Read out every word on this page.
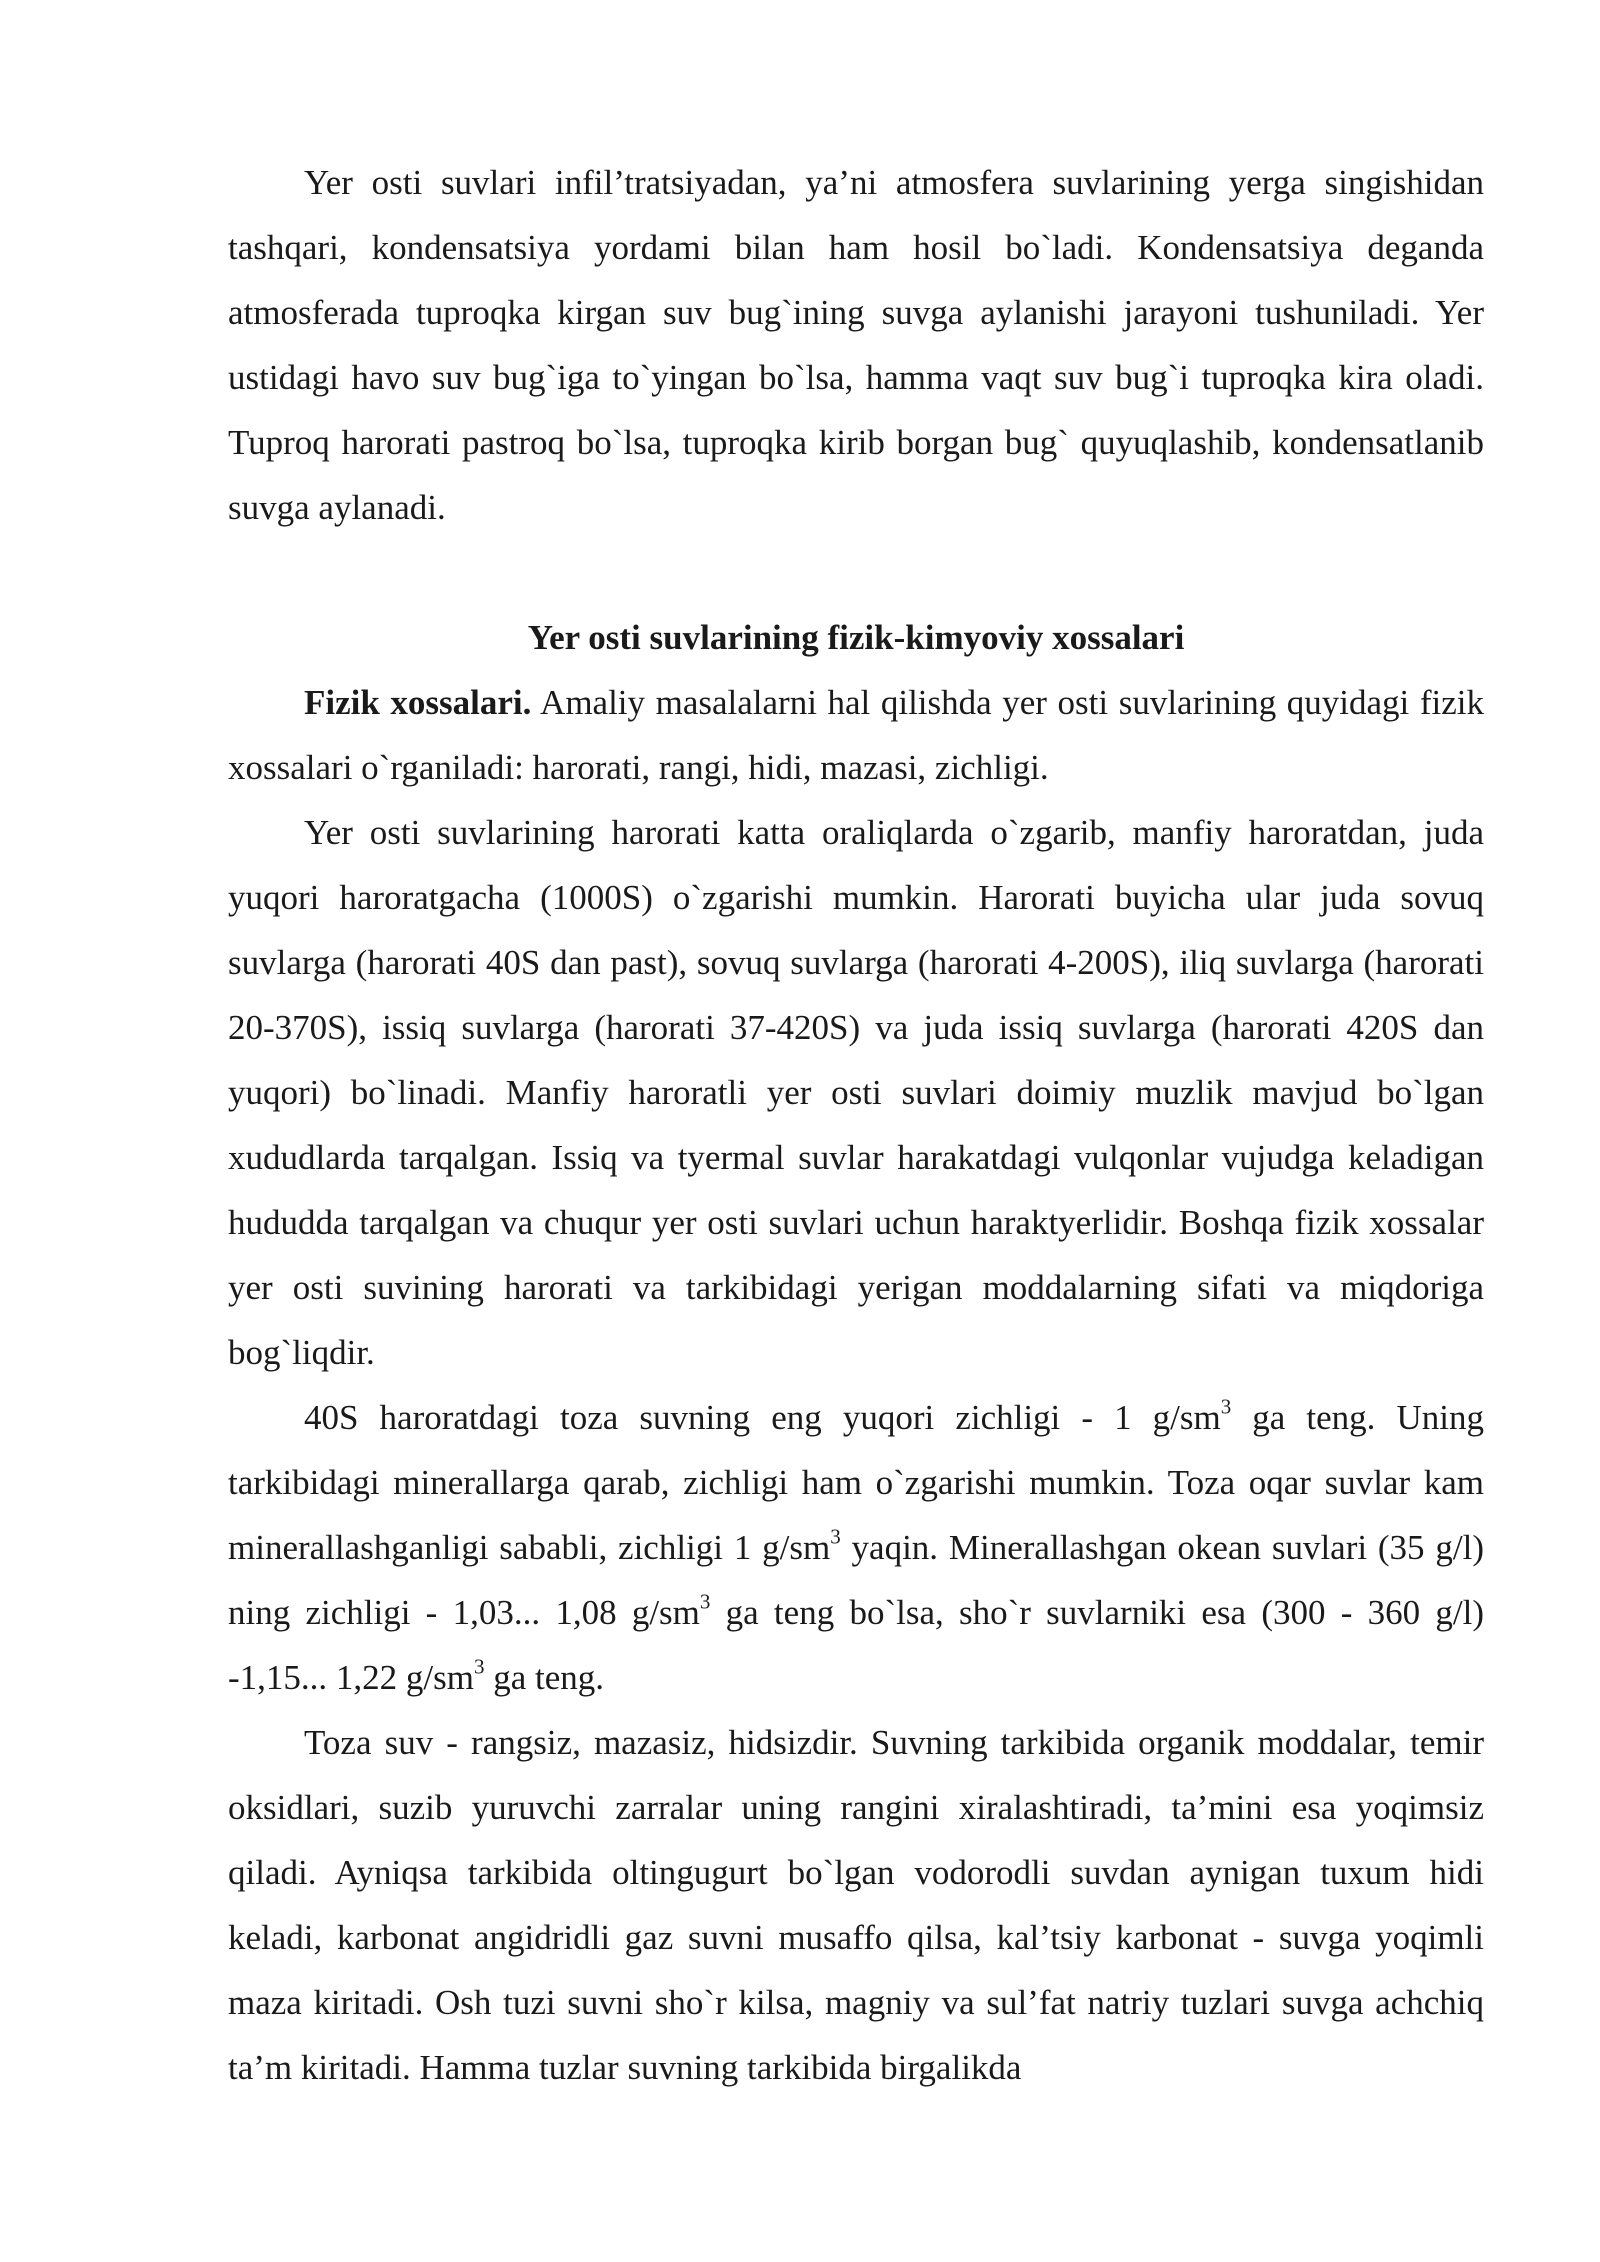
Yer osti suvlari infil’tratsiyadan, ya’ni atmosfera suvlarining yerga singishidan tashqari, kondensatsiya yordami bilan ham hosil bo`ladi. Kondensatsiya deganda atmosferada tuproqka kirgan suv bug`ining suvga aylanishi jarayoni tushuniladi. Yer ustidagi havo suv bug`iga to`yingan bo`lsa, hamma vaqt suv bug`i tuproqka kira oladi. Tuproq harorati pastroq bo`lsa, tuproqka kirib borgan bug` quyuqlashib, kondensatlanib suvga aylanadi.

Yer osti suvlarining fizik-kimyoviy xossalari

Fizik xossalari. Amaliy masalalarni hal qilishda yer osti suvlarining quyidagi fizik xossalari o`rganiladi: harorati, rangi, hidi, mazasi, zichligi.

Yer osti suvlarining harorati katta oraliqlarda o`zgarib, manfiy haroratdan, juda yuqori haroratgacha (1000S) o`zgarishi mumkin. Harorati buyicha ular juda sovuq suvlarga (harorati 40S dan past), sovuq suvlarga (harorati 4-200S), iliq suvlarga (harorati 20-370S), issiq suvlarga (harorati 37-420S) va juda issiq suvlarga (harorati 420S dan yuqori) bo`linadi. Manfiy haroratli yer osti suvlari doimiy muzlik mavjud bo`lgan xududlarda tarqalgan. Issiq va tyermal suvlar harakatdagi vulqonlar vujudga keladigan hududda tarqalgan va chuqur yer osti suvlari uchun haraktyerlidir. Boshqa fizik xossalar yer osti suvining harorati va tarkibidagi yerigan moddalarning sifati va miqdoriga bog`liqdir.

40S haroratdagi toza suvning eng yuqori zichligi - 1 $g/sm^3$ ga teng. Uning tarkibidagi minerallarga qarab, zichligi ham o`zgarishi mumkin. Toza oqar suvlar kam minerallashganligi sababli, zichligi 1 $g/sm^3$ yaqin. Minerallashgan okean suvlari (35 g/l) ning zichligi - 1,03... 1,08 $g/sm^3$ ga teng bo`lsa, sho`r suvlarniki esa (300 - 360 g/l) -1,15... 1,22 $g/sm^3$ ga teng.

Toza suv - rangsiz, mazasiz, hidsizdir. Suvning tarkibida organik moddalar, temir oksidlari, suzib yuruvchi zarralar uning rangini xiralashtiradi, ta’mini esa yoqimsiz qiladi. Ayniqsa tarkibida oltingugurt bo`lgan vodorodli suvdan aynigan tuxum hidi keladi, karbonat angidridli gaz suvni musaffo qilsa, kal’tsiy karbonat - suvga yoqimli maza kiritadi. Osh tuzi suvni sho`r kilsa, magniy va sul’fat natriy tuzlari suvga achchiq ta’m kiritadi. Hamma tuzlar suvning tarkibida birgalikda
